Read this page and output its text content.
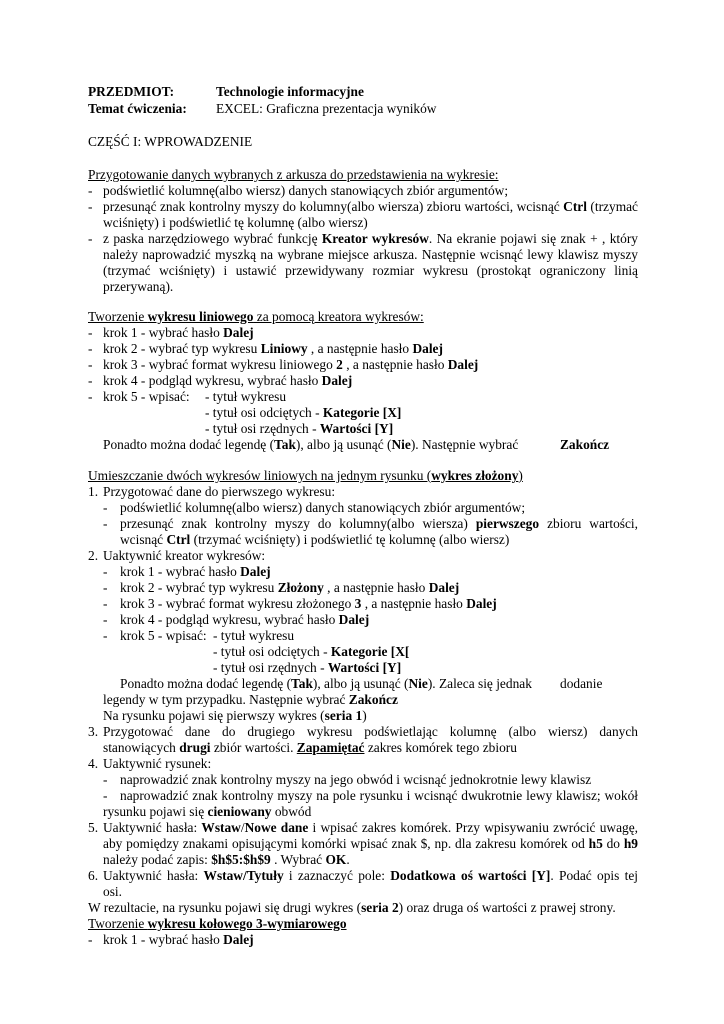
PRZEDMIOT:	Technologie informacyjne
Temat ćwiczenia: EXCEL: Graficzna prezentacja wyników
CZĘŚĆ I: WPROWADZENIE
Przygotowanie danych wybranych z arkusza do przedstawienia na wykresie:
- podświetlić kolumnę(albo wiersz) danych stanowiących zbiór argumentów;
- przesunąć znak kontrolny myszy do kolumny(albo wiersza) zbioru wartości, wcisnąć Ctrl (trzymać
wciśnięty) i podświetlić tę kolumnę (albo wiersz)
- z paska narzędziowego wybrać funkcję Kreator wykresów. Na ekranie pojawi się znak + , który
należy naprowadzić myszką na wybrane miejsce arkusza. Następnie wcisnąć lewy klawisz myszy
(trzymać wciśnięty) i ustawić przewidywany rozmiar wykresu (prostokąt ograniczony linią
przerywaną).
Tworzenie wykresu liniowego za pomocą kreatora wykresów:
- krok 1 - wybrać hasło Dalej
- krok 2 - wybrać typ wykresu Liniowy , a następnie hasło Dalej
- krok 3 - wybrać format wykresu liniowego 2 , a następnie hasło Dalej
- krok 4 - podgląd wykresu, wybrać hasło Dalej
- krok 5 - wpisać: - tytuł wykresu
- tytuł osi odciętych - Kategorie [X]
- tytuł osi rzędnych - Wartości [Y]
Ponadto można dodać legendę (Tak), albo ją usunąć (Nie). Następnie wybrać	Zakończ
Umieszczanie dwóch wykresów liniowych na jednym rysunku (wykres złożony)
1. Przygotować dane do pierwszego wykresu:
- podświetlić kolumnę(albo wiersz) danych stanowiących zbiór argumentów;
- przesunąć znak kontrolny myszy do kolumny(albo wiersza) pierwszego zbioru wartości,
wcisnąć Ctrl (trzymać wciśnięty) i podświetlić tę kolumnę (albo wiersz)
2. Uaktywnić kreator wykresów:
- krok 1 - wybrać hasło Dalej
- krok 2 - wybrać typ wykresu Złożony , a następnie hasło Dalej
- krok 3 - wybrać format wykresu złożonego 3 , a następnie hasło Dalej
- krok 4 - podgląd wykresu, wybrać hasło Dalej
- krok 5 - wpisać: - tytuł wykresu
- tytuł osi odciętych - Kategorie [X[
- tytuł osi rzędnych - Wartości [Y]
Ponadto można dodać legendę (Tak), albo ją usunąć (Nie). Zaleca się jednak dodanie
legendy w tym przypadku. Następnie wybrać Zakończ
Na rysunku pojawi się pierwszy wykres (seria 1)
3. Przygotować dane do drugiego wykresu podświetlając kolumnę (albo wiersz) danych
stanowiących drugi zbiór wartości. Zapamiętać zakres komórek tego zbioru
4. Uaktywnić rysunek:
- naprowadzić znak kontrolny myszy na jego obwód i wcisnąć jednokrotnie lewy klawisz
- naprowadzić znak kontrolny myszy na pole rysunku i wcisnąć dwukrotnie lewy klawisz; wokół
rysunku pojawi się cieniowany obwód
5. Uaktywnić hasła: Wstaw/Nowe dane i wpisać zakres komórek. Przy wpisywaniu zwrócić uwagę,
aby pomiędzy znakami opisującymi komórki wpisać znak $, np. dla zakresu komórek od h5 do h9
należy podać zapis: $h$5:$h$9 . Wybrać OK.
6. Uaktywnić hasła: Wstaw/Tytuły i zaznaczyć pole: Dodatkowa oś wartości [Y]. Podać opis tej
osi.
W rezultacie, na rysunku pojawi się drugi wykres (seria 2) oraz druga oś wartości z prawej strony.
Tworzenie wykresu kołowego 3-wymiarowego
- krok 1 - wybrać hasło Dalej
